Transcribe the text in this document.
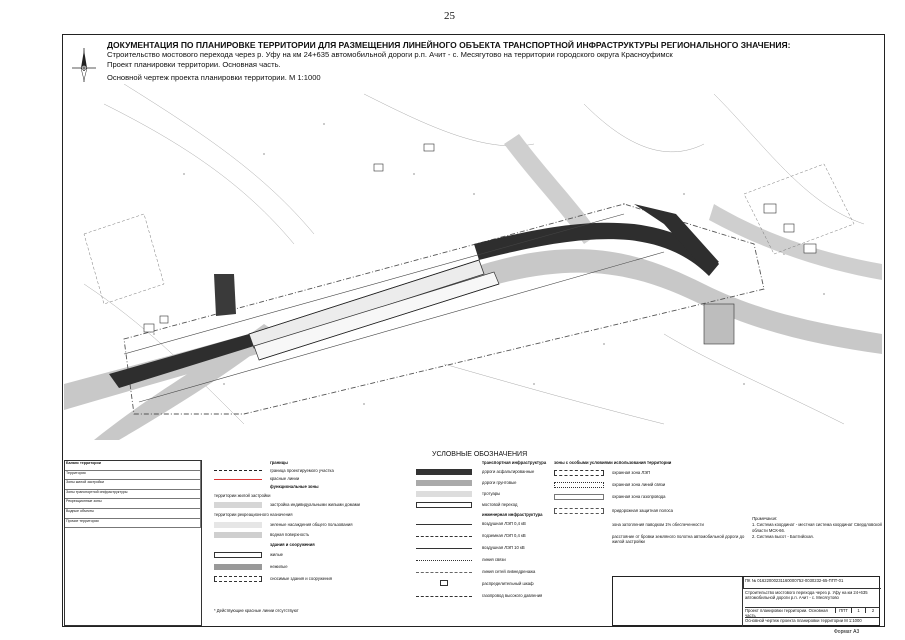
25
ДОКУМЕНТАЦИЯ ПО ПЛАНИРОВКЕ ТЕРРИТОРИИ ДЛЯ РАЗМЕЩЕНИЯ ЛИНЕЙНОГО ОБЪЕКТА ТРАНСПОРТНОЙ ИНФРАСТРУКТУРЫ РЕГИОНАЛЬНОГО ЗНАЧЕНИЯ:
Строительство мостового перехода через р. Уфу на км 24+635 автомобильной дороги р.п. Ачит - с. Месягутово на территории городского округа Красноуфимск
Проект планировки территории. Основная часть.
Основной чертеж проекта планировки территории. М 1:1000
УСЛОВНЫЕ ОБОЗНАЧЕНИЯ
Баланс территории
Территория
Зоны жилой застройки
Зоны транспортной инфраструктуры
Рекреационные зоны
Водные объекты
Прочие территории
границы
граница проектируемого участка
красные линии
функциональные зоны
территории жилой застройки
застройка индивидуальными жилыми домами
территории рекреационного назначения
зеленые насаждения общего пользования
водная поверхность
здания и сооружения
жилые
нежилые
сносимые здания и сооружения
* Действующие красные линии отсутствуют
транспортная инфраструктура
дороги асфальтированные
дороги грунтовые
тротуары
мостовой переход
инженерная инфраструктура
воздушная ЛЭП 0,4 кВ
подземная ЛЭП 0,4 кВ
воздушная ЛЭП 10 кВ
линия связи
линия сетей ливнедренажа
распределительный шкаф
газопровод высокого давления
зоны с особыми условиями использования территории
охранная зона ЛЭП
охранная зона линий связи
охранная зона газопровода
придорожная защитная полоса
зона затопления паводком 1% обеспеченности
расстояние от бровки земляного полотна автомобильной дороги до жилой застройки
Примечания:
1. Система координат - местная система координат Свердловской области МСК-66.
2. Система высот - Балтийская.
ПК № 01622000231160000752-0030232-65-ППТ-01
Строительство мостового перехода через р. Уфу на км 24+635 автомобильной дороги р.п. Ачит - с. Месягутово
Проект планировки территории. Основная часть
ППТ	1	2
Основной чертеж проекта планировки территории М 1:1000
Формат А3
